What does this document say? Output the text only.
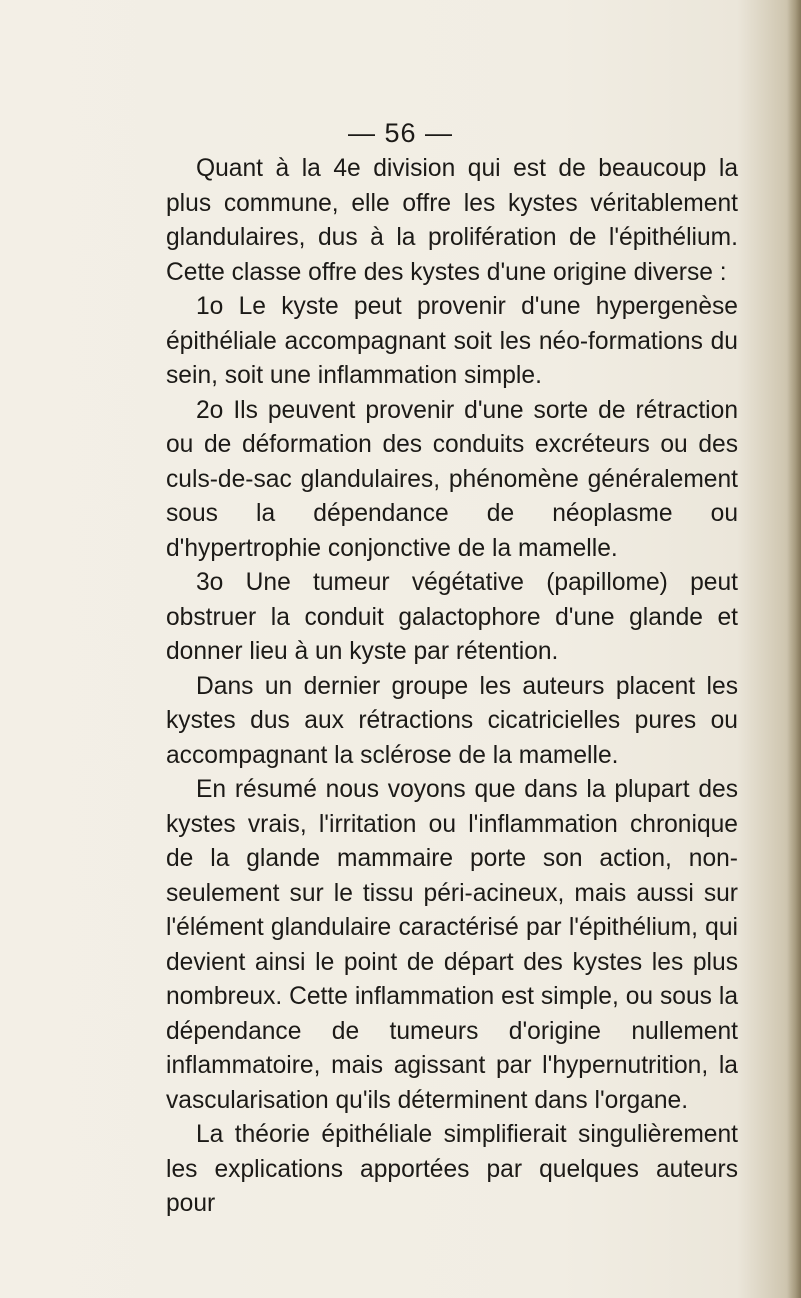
— 56 —

Quant à la 4e division qui est de beaucoup la plus commune, elle offre les kystes véritablement glandulaires, dus à la prolifération de l'épithélium. Cette classe offre des kystes d'une origine diverse :

1o Le kyste peut provenir d'une hypergenèse épithéliale accompagnant soit les néo-formations du sein, soit une inflammation simple.

2o Ils peuvent provenir d'une sorte de rétraction ou de déformation des conduits excréteurs ou des culs-de-sac glandulaires, phénomène généralement sous la dépendance de néoplasme ou d'hypertrophie conjonctive de la mamelle.

3o Une tumeur végétative (papillome) peut obstruer la conduit galactophore d'une glande et donner lieu à un kyste par rétention.

Dans un dernier groupe les auteurs placent les kystes dus aux rétractions cicatricielles pures ou accompagnant la sclérose de la mamelle.

En résumé nous voyons que dans la plupart des kystes vrais, l'irritation ou l'inflammation chronique de la glande mammaire porte son action, non-seulement sur le tissu péri-acineux, mais aussi sur l'élément glandulaire caractérisé par l'épithélium, qui devient ainsi le point de départ des kystes les plus nombreux. Cette inflammation est simple, ou sous la dépendance de tumeurs d'origine nullement inflammatoire, mais agissant par l'hypernutrition, la vascularisation qu'ils déterminent dans l'organe.

La théorie épithéliale simplifierait singulièrement les explications apportées par quelques auteurs pour
